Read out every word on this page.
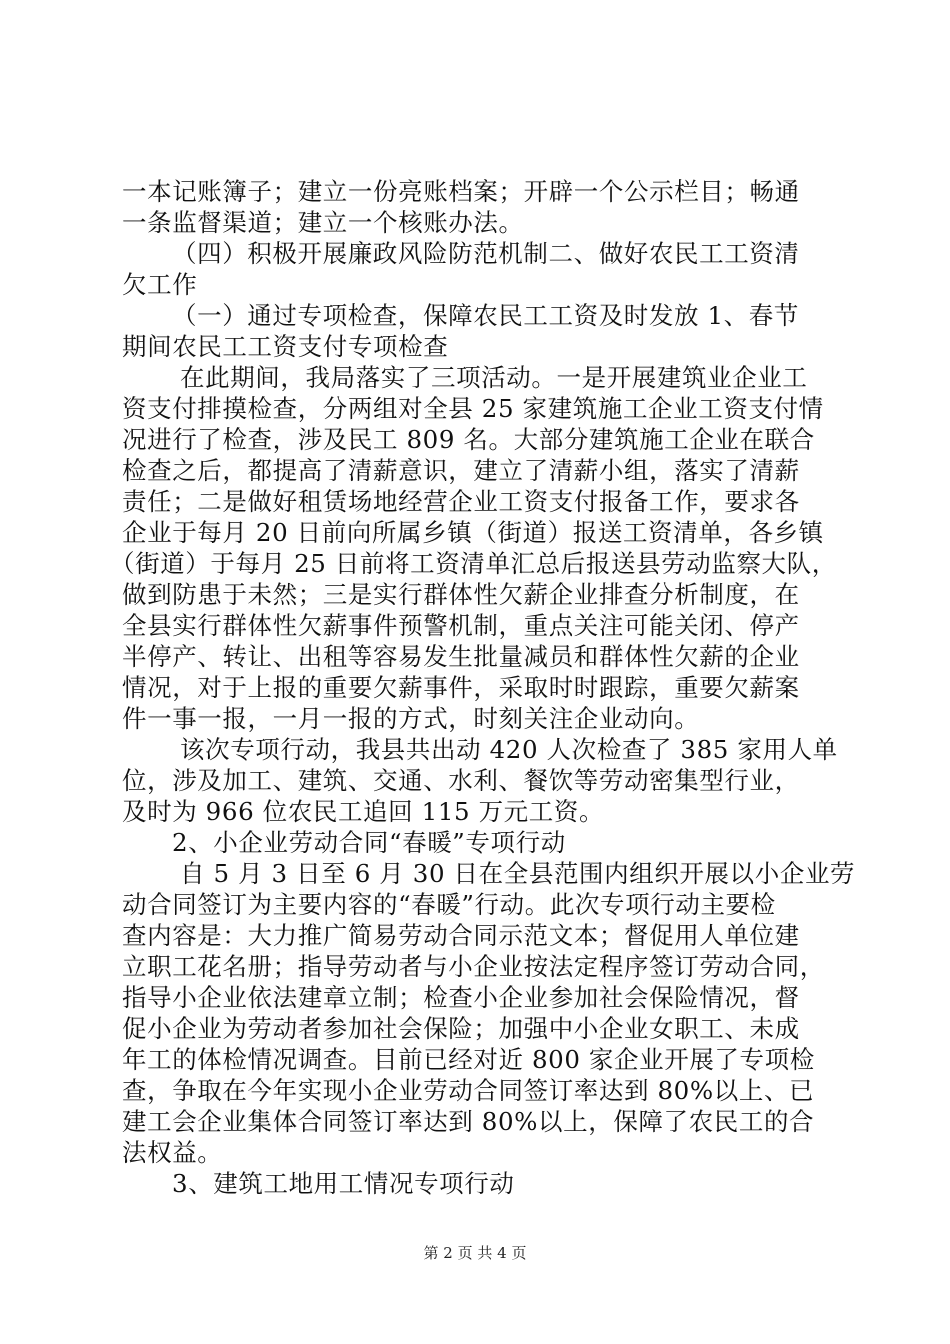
一本记账簿子；建立一份亮账档案；开辟一个公示栏目；畅通
一条监督渠道；建立一个核账办法。
（四）积极开展廉政风险防范机制二、做好农民工工资清
欠工作
（一）通过专项检查，保障农民工工资及时发放 1、春节
期间农民工工资支付专项检查
在此期间，我局落实了三项活动。一是开展建筑业企业工
资支付排摸检查，分两组对全县 25 家建筑施工企业工资支付情
况进行了检查，涉及民工 809 名。大部分建筑施工企业在联合
检查之后，都提高了清薪意识，建立了清薪小组，落实了清薪
责任；二是做好租赁场地经营企业工资支付报备工作，要求各
企业于每月 20 日前向所属乡镇（街道）报送工资清单，各乡镇
（街道）于每月 25 日前将工资清单汇总后报送县劳动监察大队，
做到防患于未然；三是实行群体性欠薪企业排查分析制度，在
全县实行群体性欠薪事件预警机制，重点关注可能关闭、停产
半停产、转让、出租等容易发生批量减员和群体性欠薪的企业
情况，对于上报的重要欠薪事件，采取时时跟踪，重要欠薪案
件一事一报，一月一报的方式，时刻关注企业动向。
该次专项行动，我县共出动 420 人次检查了 385 家用人单
位，涉及加工、建筑、交通、水利、餐饮等劳动密集型行业，
及时为 966 位农民工追回 115 万元工资。
2、小企业劳动合同“春暖”专项行动
自 5 月 3 日至 6 月 30 日在全县范围内组织开展以小企业劳
动合同签订为主要内容的“春暖”行动。此次专项行动主要检
查内容是：大力推广简易劳动合同示范文本；督促用人单位建
立职工花名册；指导劳动者与小企业按法定程序签订劳动合同，
指导小企业依法建章立制；检查小企业参加社会保险情况，督
促小企业为劳动者参加社会保险；加强中小企业女职工、未成
年工的体检情况调查。目前已经对近 800 家企业开展了专项检
查，争取在今年实现小企业劳动合同签订率达到 80%以上、已
建工会企业集体合同签订率达到 80%以上，保障了农民工的合
法权益。
3、建筑工地用工情况专项行动
第 2 页 共 4 页
